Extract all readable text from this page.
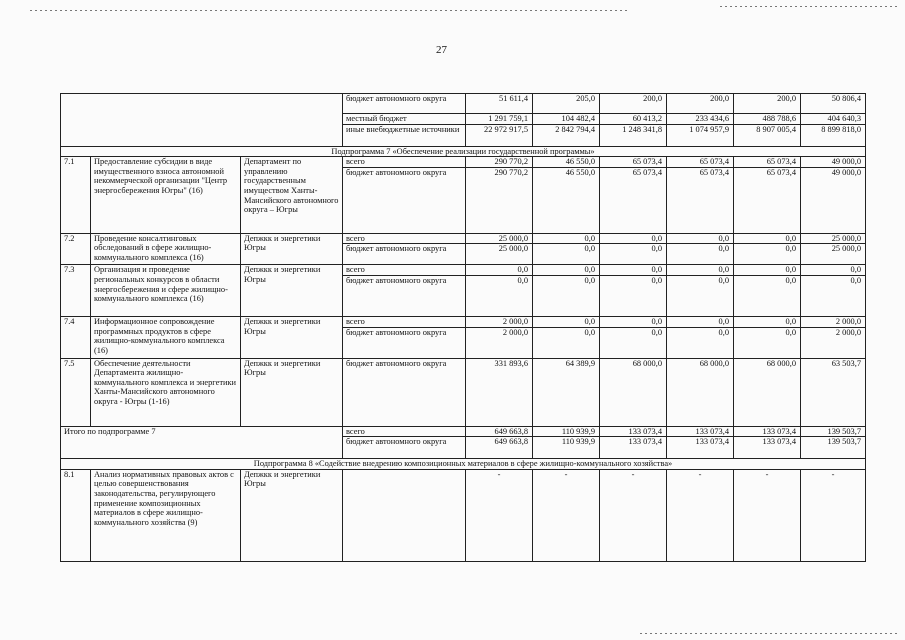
27
			бюджет автономного округа	51 611,4	205,0	200,0	200,0	200,0	50 806,4
			местный бюджет	1 291 759,1	104 482,4	60 413,2	233 434,6	488 788,6	404 640,3
			иные внебюджетные источники	22 972 917,5	2 842 794,4	1 248 341,8	1 074 957,9	8 907 005,4	8 899 818,0
Подпрограмма 7 «Обеспечение реализации государственной программы»									
7.1	Предоставление субсидии в виде имущественного взноса автономной некоммерческой организации "Центр энергосбережения Югры" (16)	Департамент по управлению государственным имуществом Ханты-Мансийского автономного округа – Югры	всего	290 770,2	46 550,0	65 073,4	65 073,4	65 073,4	49 000,0
			бюджет автономного округа	290 770,2	46 550,0	65 073,4	65 073,4	65 073,4	49 000,0
7.2	Проведение консалтинговых обследований в сфере жилищно-коммунального комплекса (16)	Депжкк и энергетики Югры	всего	25 000,0	0,0	0,0	0,0	0,0	25 000,0
			бюджет автономного округа	25 000,0	0,0	0,0	0,0	0,0	25 000,0
7.3	Организация и проведение региональных конкурсов в области энергосбережения и сфере жилищно-коммунального комплекса (16)	Депжкк и энергетики Югры	всего	0,0	0,0	0,0	0,0	0,0	0,0
			бюджет автономного округа	0,0	0,0	0,0	0,0	0,0	0,0
7.4	Информационное сопровождение программных продуктов в сфере жилищно-коммунального комплекса (16)	Депжкк и энергетики Югры	всего	2 000,0	0,0	0,0	0,0	0,0	2 000,0
			бюджет автономного округа	2 000,0	0,0	0,0	0,0	0,0	2 000,0
7.5	Обеспечение деятельности Департамента жилищно-коммунального комплекса и энергетики Ханты-Мансийского автономного округа - Югры (1-16)	Депжкк и энергетики Югры	бюджет автономного округа	331 893,6	64 389,9	68 000,0	68 000,0	68 000,0	63 503,7
Итого по подпрограмме 7			всего	649 663,8	110 939,9	133 073,4	133 073,4	133 073,4	139 503,7
			бюджет автономного округа	649 663,8	110 939,9	133 073,4	133 073,4	133 073,4	139 503,7
Подпрограмма 8 «Содействие внедрению композиционных материалов в сфере жилищно-коммунального хозяйства»									
8.1	Анализ нормативных правовых актов с целью совершенствования законодательства, регулирующего применение композиционных материалов в сфере жилищно-коммунального хозяйства (9)	Депжкк и энергетики Югры		-	-	-	-	-	-
